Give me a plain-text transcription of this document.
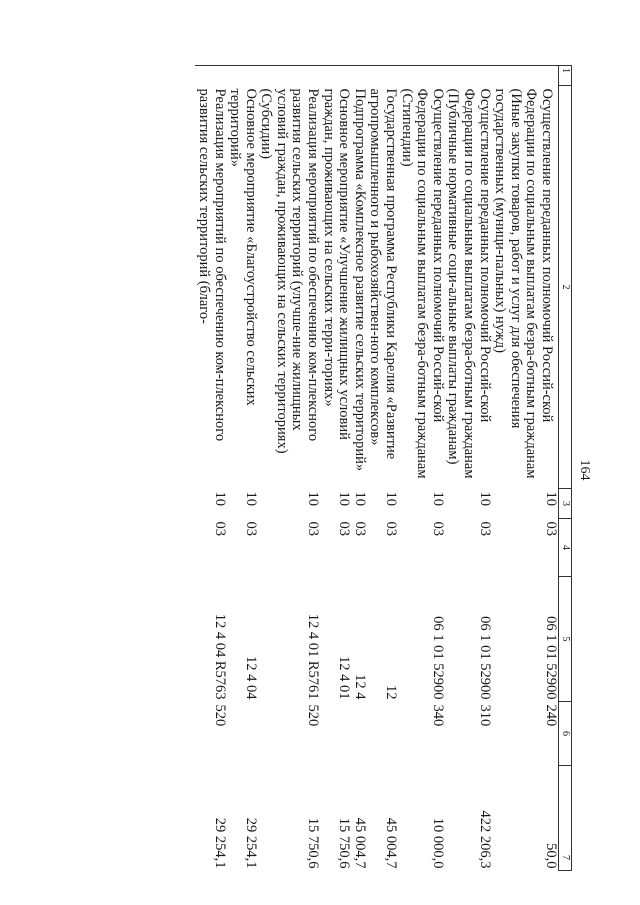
164
1	2	3	4	5	6	7
	Осуществление переданных полномочий Россий-ской Федерации по социальным выплатам безра-ботным гражданам (Иные закупки товаров, работ и услуг для обеспечения государственных (муници-пальных) нужд)	10	03	06 1 01 52900	240	50,0
	Осуществление переданных полномочий Россий-ской Федерации по социальным выплатам безра-ботным гражданам (Публичные нормативные соци-альные выплаты гражданам)	10	03	06 1 01 52900	310	422 206,3
	Осуществление переданных полномочий Россий-ской Федерации по социальным выплатам безра-ботным гражданам (Стипендии)	10	03	06 1 01 52900	340	10 000,0
	Государственная программа Республики Карелия «Развитие агропромышленного и рыбохозяйствен-ного комплексов»	10	03	12		45 004,7
	Подпрограмма «Комплексное развитие сельских территорий»	10	03	12 4		45 004,7
	Основное мероприятие «Улучшение жилищных условий граждан, проживающих на сельских терри-ториях»	10	03	12 4 01		15 750,6
	Реализация мероприятий по обеспечению ком-плексного развития сельских территорий (улучше-ние жилищных условий граждан, проживающих на сельских территориях) (Субсидии)	10	03	12 4 01 R5761	520	15 750,6
	Основное мероприятие «Благоустройство сельских территорий»	10	03	12 4 04		29 254,1
	Реализация мероприятий по обеспечению ком-плексного развития сельских территорий (благо-	10	03	12 4 04 R5763	520	29 254,1
